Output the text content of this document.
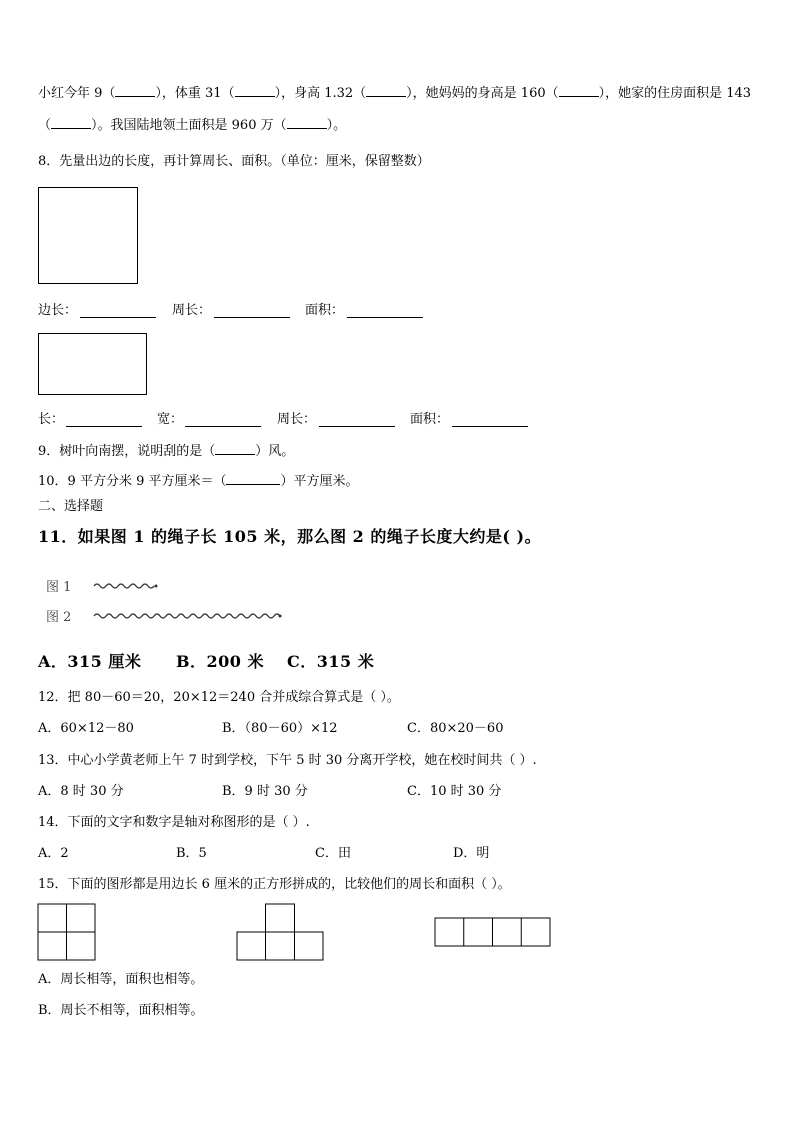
小红今年 9（	），体重 31（	），身高 1.32（	），她妈妈的身高是 160（	），她家的住房面积是 143
（	）。我国陆地领土面积是 960 万（	）。
8．先量出边的长度，再计算周长、面积。（单位：厘米，保留整数）
边长：	周长：	面积：
长：	宽：	周长：	面积：
9．树叶向南摆，说明刮的是（	）风。
10．9 平方分米 9 平方厘米＝（	）平方厘米。
二、选择题
11．如果图 1 的绳子长 105 米，那么图 2 的绳子长度大约是( )。
图 1
图 2
A．315 厘米 B．200 米 C．315 米
12．把 80－60＝20，20×12＝240 合并成综合算式是（ ）。
A．60×12－80	B．（80－60）×12	C．80×20－60
13．中心小学黄老师上午 7 时到学校，下午 5 时 30 分离开学校，她在校时间共（ ）.
A．8 时 30 分	B．9 时 30 分	C．10 时 30 分
14．下面的文字和数字是轴对称图形的是（ ）.
A．2	B．5	C．田	D．明
15．下面的图形都是用边长 6 厘米的正方形拼成的，比较他们的周长和面积（ ）。
A．周长相等，面积也相等。
B．周长不相等，面积相等。
